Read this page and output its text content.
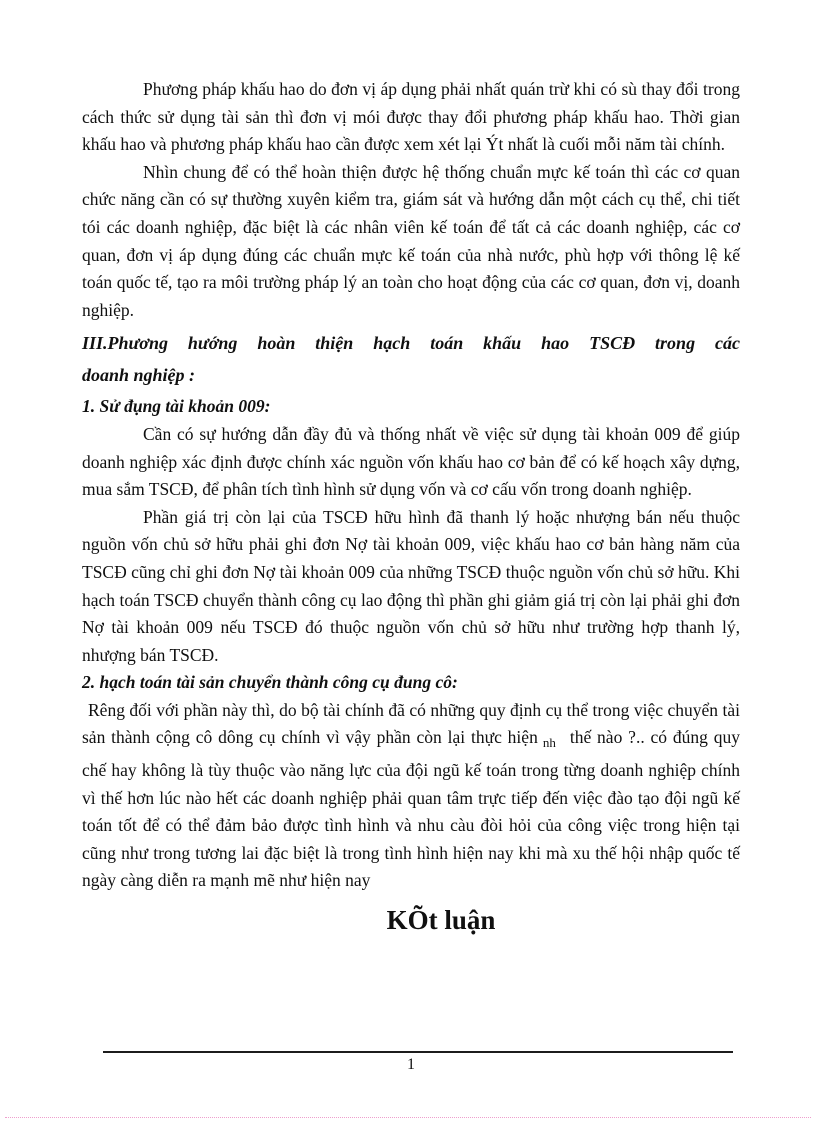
Phương pháp khấu hao do đơn vị áp dụng phải nhất quán trừ khi có sù thay đổi trong cách thức sử dụng tài sản thì đơn vị mói được thay đổi phương pháp khấu hao. Thời gian khấu hao và phương pháp khấu hao cần được xem xét lại Ýt nhất là cuối mỗi năm tài chính.

Nhìn chung để có thể hoàn thiện được hệ thống chuẩn mực kế toán thì các cơ quan chức năng cần có sự thường xuyên kiểm tra, giám sát và hướng dẫn một cách cụ thể, chi tiết tói các doanh nghiệp, đặc biệt là các nhân viên kế toán để tất cả các doanh nghiệp, các cơ quan, đơn vị áp dụng đúng các chuẩn mực kế toán của nhà nước, phù hợp với thông lệ kế toán quốc tế, tạo ra môi trường pháp lý an toàn cho hoạt động của các cơ quan, đơn vị, doanh nghiệp.

III.Phương hướng hoàn thiện hạch toán khấu hao TSCĐ trong các
doanh nghiệp :
1. Sử đụng tài khoản 009:

Cần có sự hướng dẫn đầy đủ và thống nhất về việc sử dụng tài khoản 009 để giúp doanh nghiệp xác định được chính xác nguồn vốn khấu hao cơ bản để có kế hoạch xây dựng, mua sắm TSCĐ, để phân tích tình hình sử dụng vốn và cơ cấu vốn trong doanh nghiệp.

Phần giá trị còn lại của TSCĐ hữu hình đã thanh lý hoặc nhượng bán nếu thuộc nguồn vốn chủ sở hữu phải ghi đơn Nợ tài khoản 009, việc khấu hao cơ bản hàng năm của TSCĐ cũng chỉ ghi đơn Nợ tài khoản 009 của những TSCĐ thuộc nguồn vốn chủ sở hữu. Khi hạch toán TSCĐ chuyển thành công cụ lao động thì phần ghi giảm giá trị còn lại phải ghi đơn Nợ tài khoản 009 nếu TSCĐ đó thuộc nguồn vốn chủ sở hữu như trường hợp thanh lý, nhượng bán TSCĐ.

2. hạch toán tài sản chuyển thành công cụ đung cô:

Rêng đối với phần này thì, do bộ tài chính đã có những quy định cụ thể trong việc chuyển tài sản thành cộng cô dông cụ chính vì vậy phần còn lại thực hiện $_{nh}$ thế nào ?.. có đúng quy chế hay không là tùy thuộc vào năng lực của đội ngũ kế toán trong từng doanh nghiệp chính vì thế hơn lúc nào hết các doanh nghiệp phải quan tâm trực tiếp đến việc đào tạo đội ngũ kế toán tốt để có thể đảm bảo được tình hình và nhu càu đòi hỏi của công việc trong hiện tại cũng như trong tương lai đặc biệt là trong tình hình hiện nay khi mà xu thế hội nhập quốc tế ngày càng diễn ra mạnh mẽ như hiện nay

KÕt luận
1
